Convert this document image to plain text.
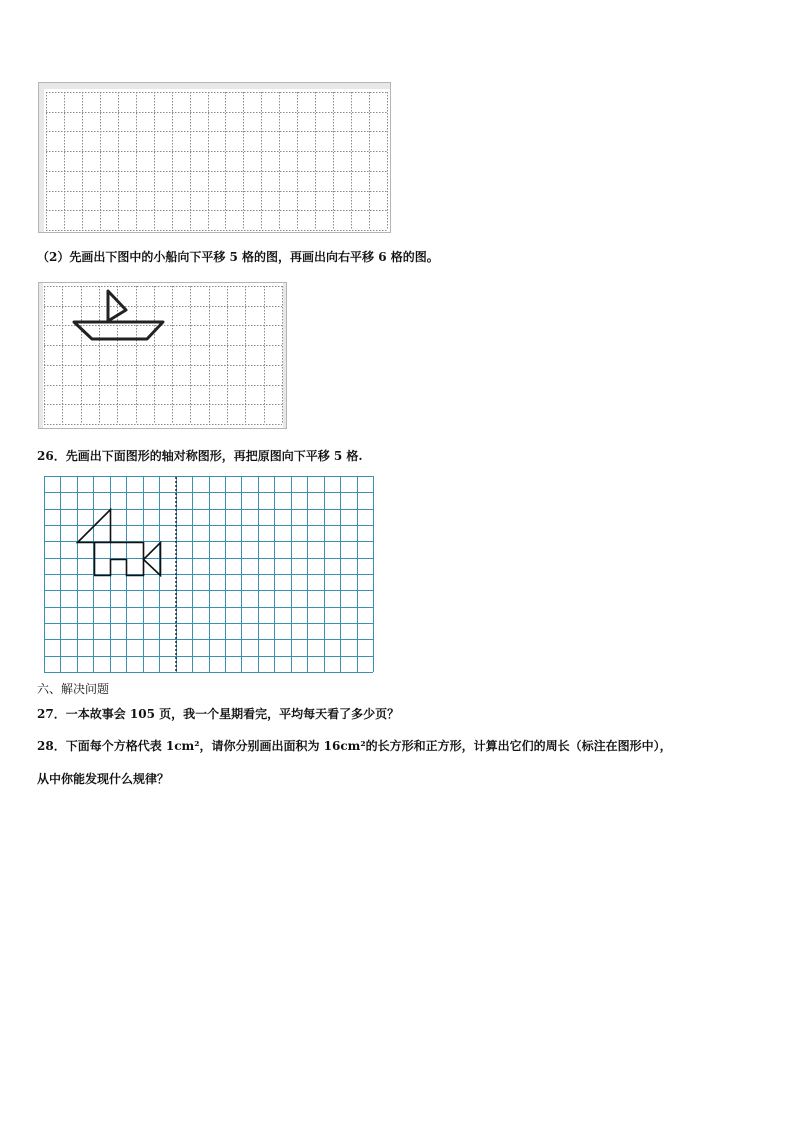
（2）先画出下图中的小船向下平移 5 格的图，再画出向右平移 6 格的图。
26．先画出下面图形的轴对称图形，再把原图向下平移 5 格.
六、解决问题
27．一本故事会 105 页，我一个星期看完，平均每天看了多少页？
28．下面每个方格代表 1cm²，请你分别画出面积为 16cm²的长方形和正方形，计算出它们的周长（标注在图形中），
从中你能发现什么规律？
